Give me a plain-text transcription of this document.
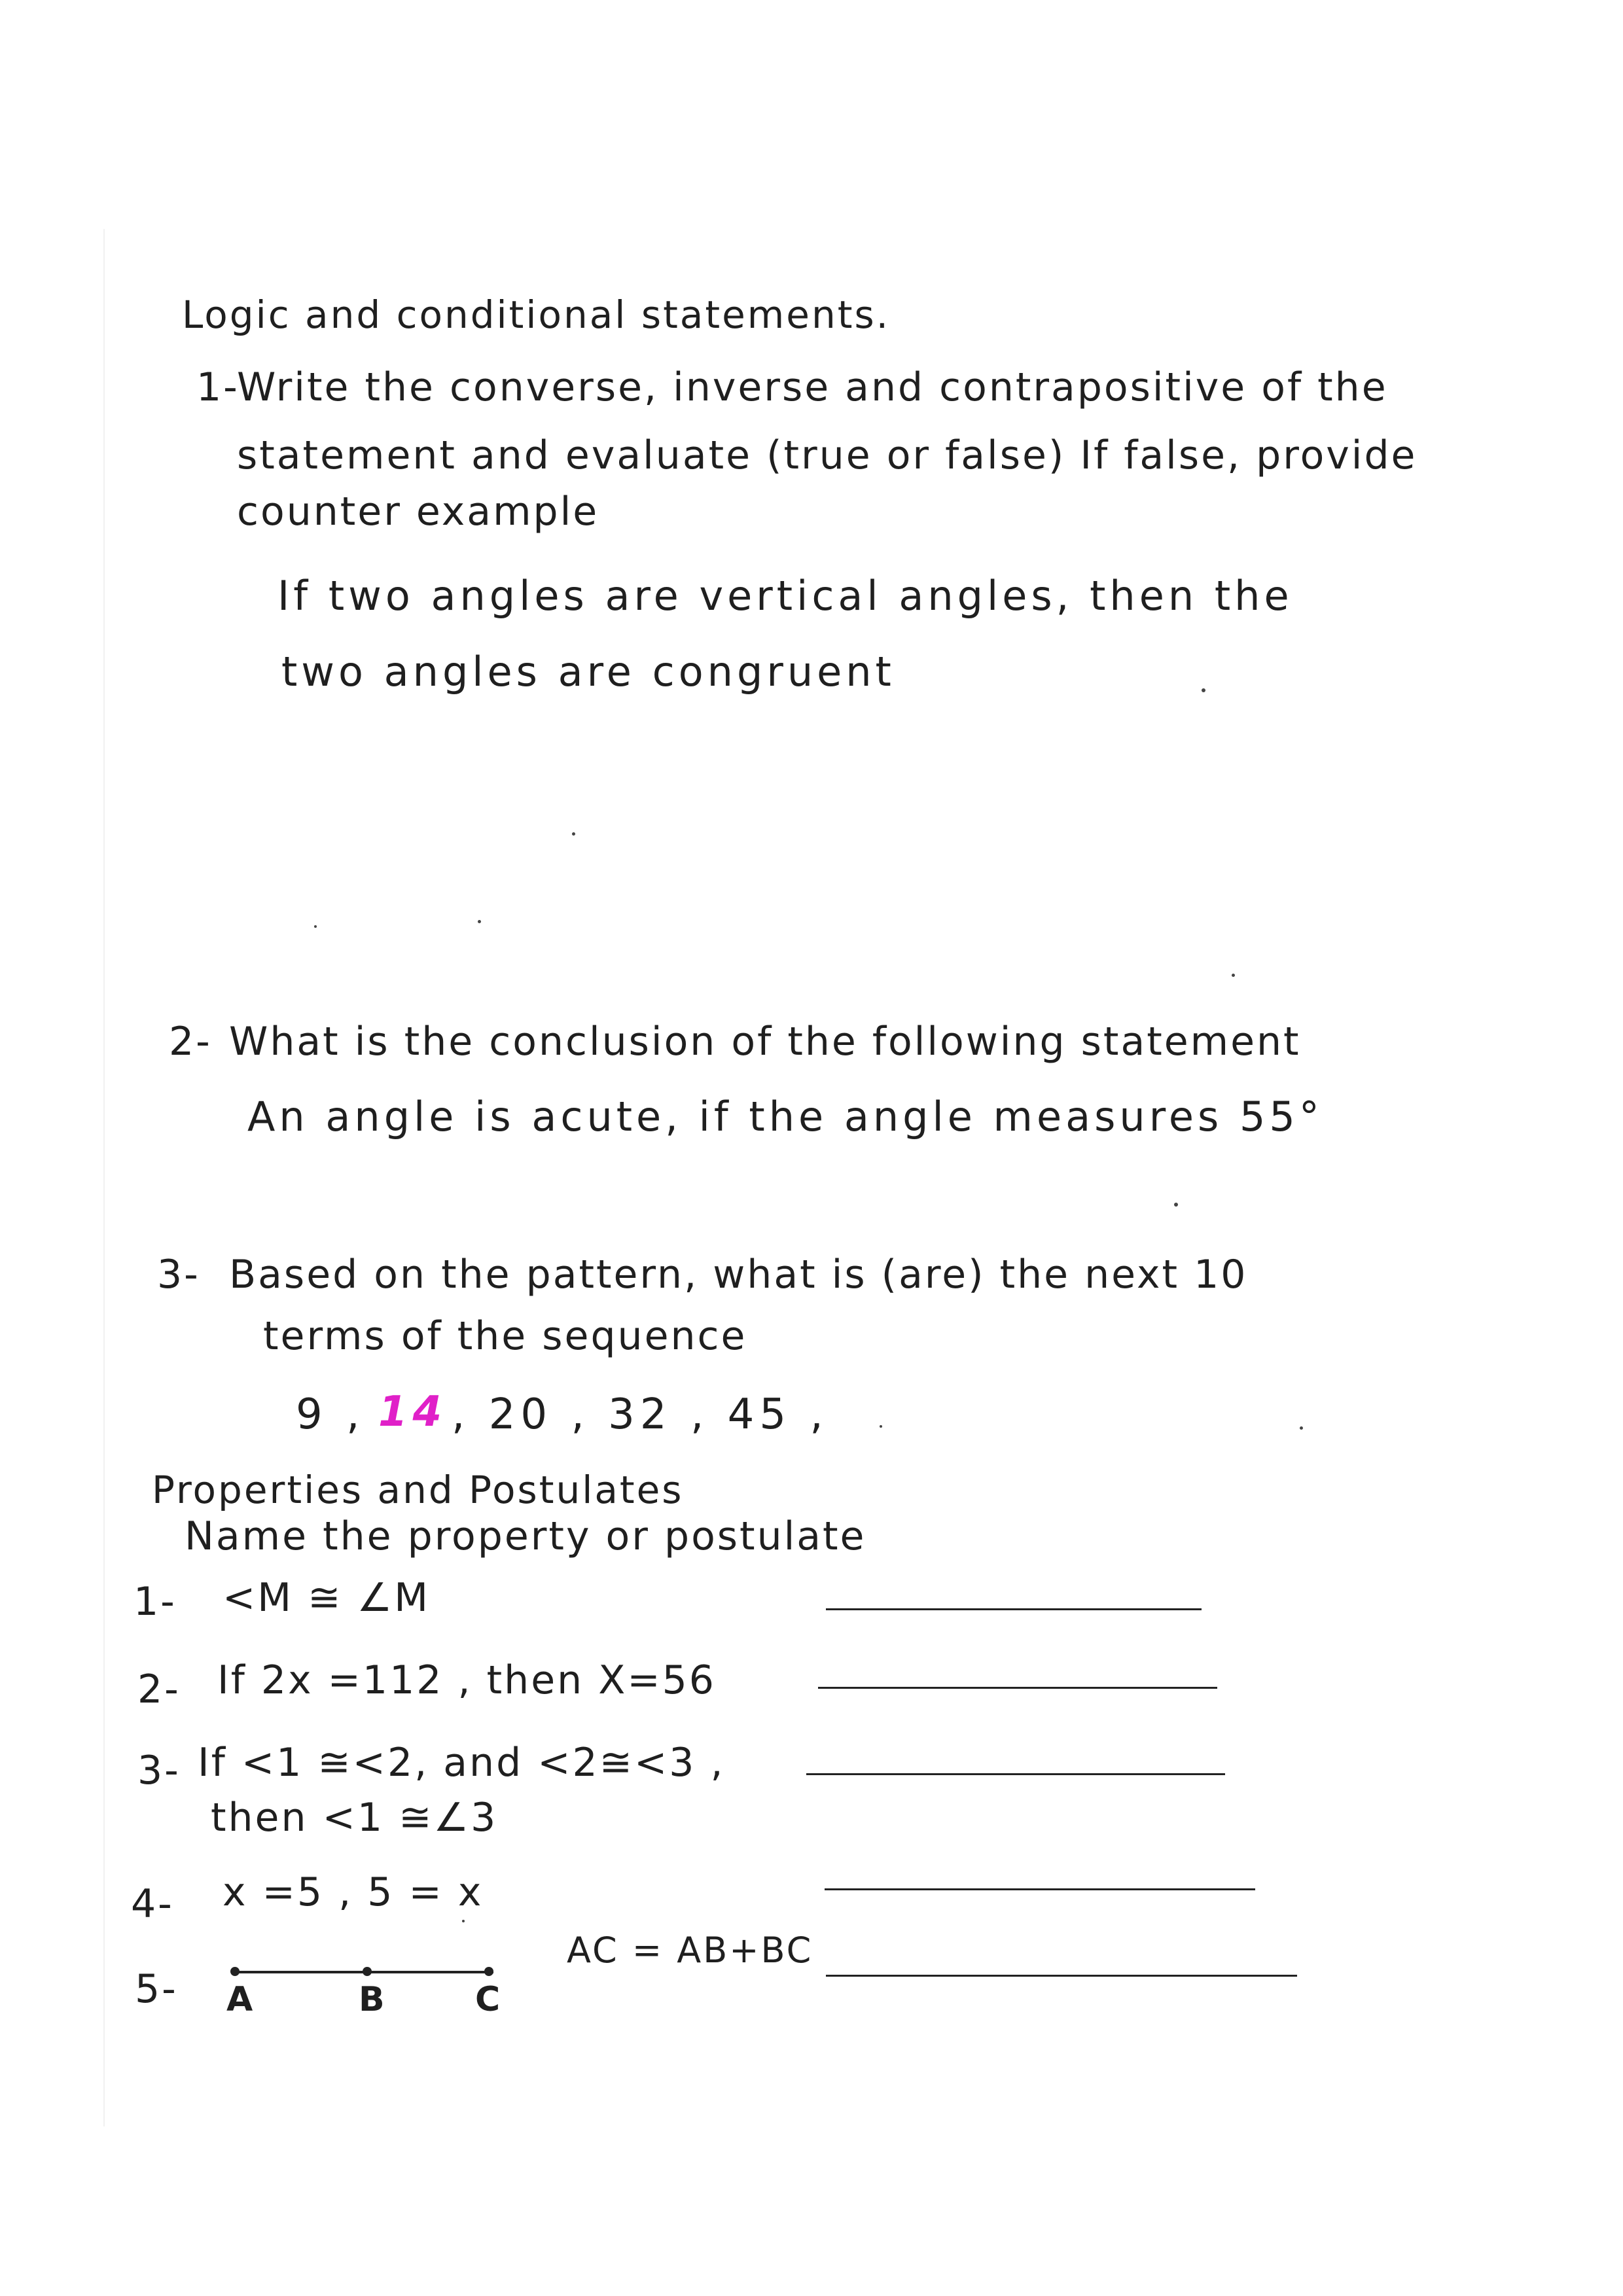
Logic and conditional statements.
1-
Write the converse, inverse and contrapositive of the
statement and evaluate (true or false) If false, provide
counter example
If two angles are vertical angles, then the
two angles are congruent
2- What is the conclusion of the following statement
An angle is acute, if the angle measures 55°
3- Based on the pattern, what is (are) the next 10
terms of the sequence
9 , 14 , 20 , 32 , 45 ,
Properties and Postulates
Name the property or postulate
1- <M ≅ ∠M
2- If 2x =112 , then X=56
3- If <1 ≅<2, and <2≅<3 ,
then <1 ≅∠3
4- x =5 , 5 = x
5- A	B	C
AC = AB+BC
